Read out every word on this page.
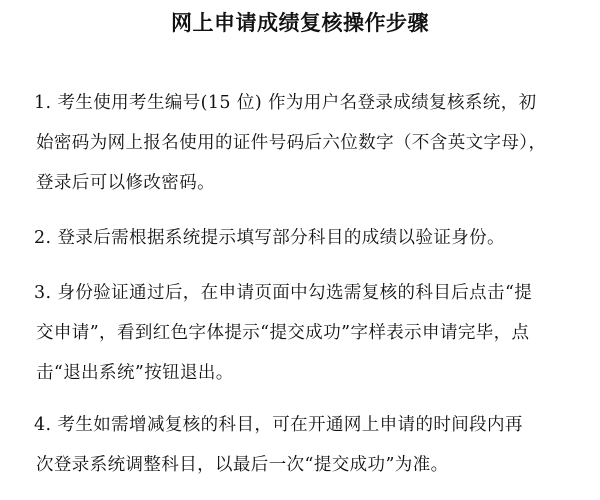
网上申请成绩复核操作步骤
1. 考生使用考生编号(15 位) 作为用户名登录成绩复核系统，初
始密码为网上报名使用的证件号码后六位数字（不含英文字母），
登录后可以修改密码。
2. 登录后需根据系统提示填写部分科目的成绩以验证身份。
3. 身份验证通过后，在申请页面中勾选需复核的科目后点击“提
交申请”，看到红色字体提示“提交成功”字样表示申请完毕，点
击“退出系统”按钮退出。
4. 考生如需增减复核的科目，可在开通网上申请的时间段内再
次登录系统调整科目，以最后一次“提交成功”为准。
